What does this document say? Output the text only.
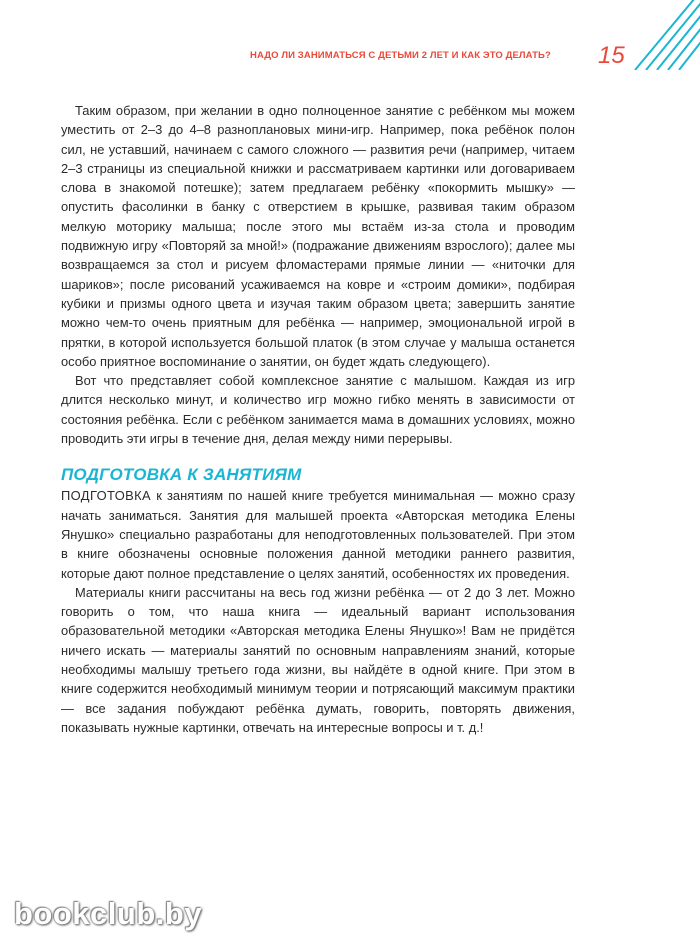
НАДО ЛИ ЗАНИМАТЬСЯ С ДЕТЬМИ 2 ЛЕТ И КАК ЭТО ДЕЛАТЬ? 15

Таким образом, при желании в одно полноценное занятие с ребёнком мы можем уместить от 2–3 до 4–8 разноплановых мини-игр. Например, пока ребёнок полон сил, не уставший, начинаем с самого сложного — развития речи (например, читаем 2–3 страницы из специальной книжки и рассматриваем картинки или договариваем слова в знакомой потешке); затем предлагаем ребёнку «покормить мышку» — опустить фасолинки в банку с отверстием в крышке, развивая таким образом мелкую моторику малыша; после этого мы встаём из-за стола и проводим подвижную игру «Повторяй за мной!» (подражание движениям взрослого); далее мы возвращаемся за стол и рисуем фломастерами прямые линии — «ниточки для шариков»; после рисований усаживаемся на ковре и «строим домики», подбирая кубики и призмы одного цвета и изучая таким образом цвета; завершить занятие можно чем-то очень приятным для ребёнка — например, эмоциональной игрой в прятки, в которой используется большой платок (в этом случае у малыша останется особо приятное воспоминание о занятии, он будет ждать следующего).

Вот что представляет собой комплексное занятие с малышом. Каждая из игр длится несколько минут, и количество игр можно гибко менять в зависимости от состояния ребёнка. Если с ребёнком занимается мама в домашних условиях, можно проводить эти игры в течение дня, делая между ними перерывы.

ПОДГОТОВКА К ЗАНЯТИЯМ

ПОДГОТОВКА к занятиям по нашей книге требуется минимальная — можно сразу начать заниматься. Занятия для малышей проекта «Авторская методика Елены Янушко» специально разработаны для неподготовленных пользователей. При этом в книге обозначены основные положения данной методики раннего развития, которые дают полное представление о целях занятий, особенностях их проведения.

Материалы книги рассчитаны на весь год жизни ребёнка — от 2 до 3 лет. Можно говорить о том, что наша книга — идеальный вариант использования образовательной методики «Авторская методика Елены Янушко»! Вам не придётся ничего искать — материалы занятий по основным направлениям знаний, которые необходимы малышу третьего года жизни, вы найдёте в одной книге. При этом в книге содержится необходимый минимум теории и потрясающий максимум практики — все задания побуждают ребёнка думать, говорить, повторять движения, показывать нужные картинки, отвечать на интересные вопросы и т. д.!

bookclub.by
